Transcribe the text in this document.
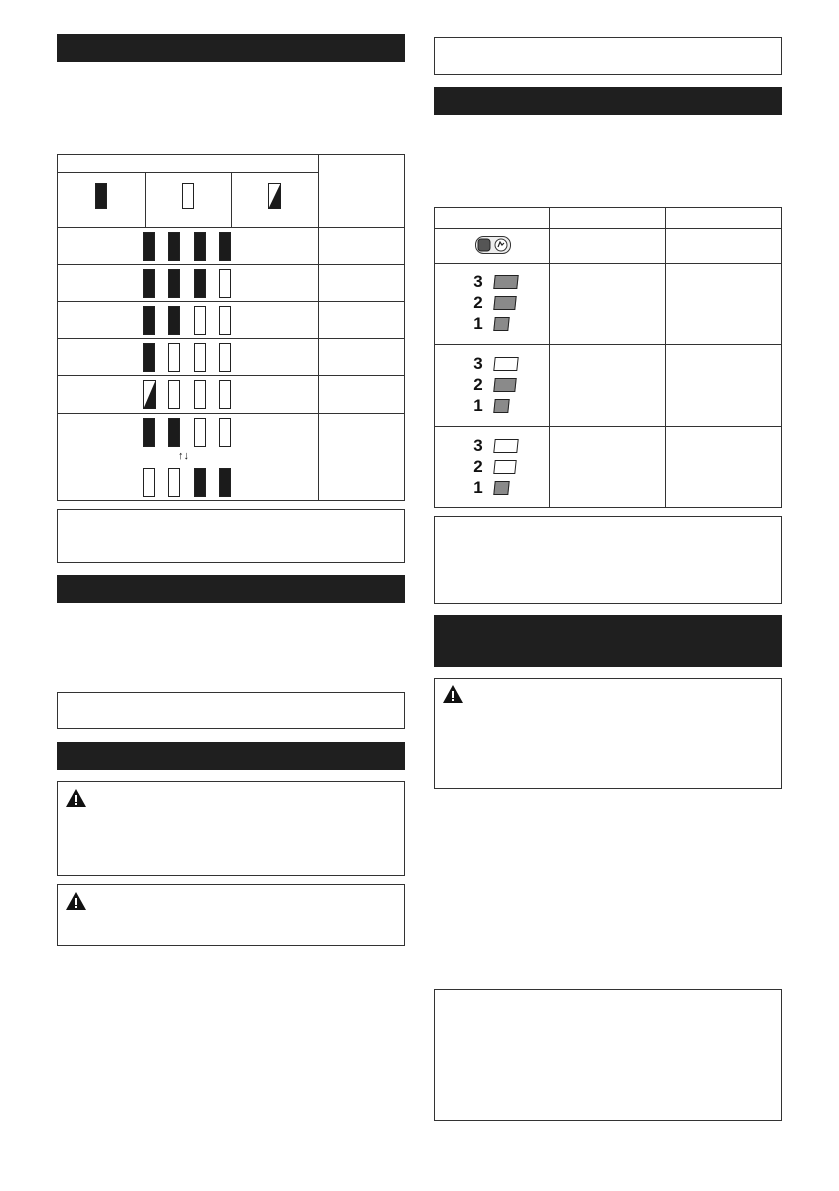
↑↓
3
2
1
3
2
1
3
2
1
